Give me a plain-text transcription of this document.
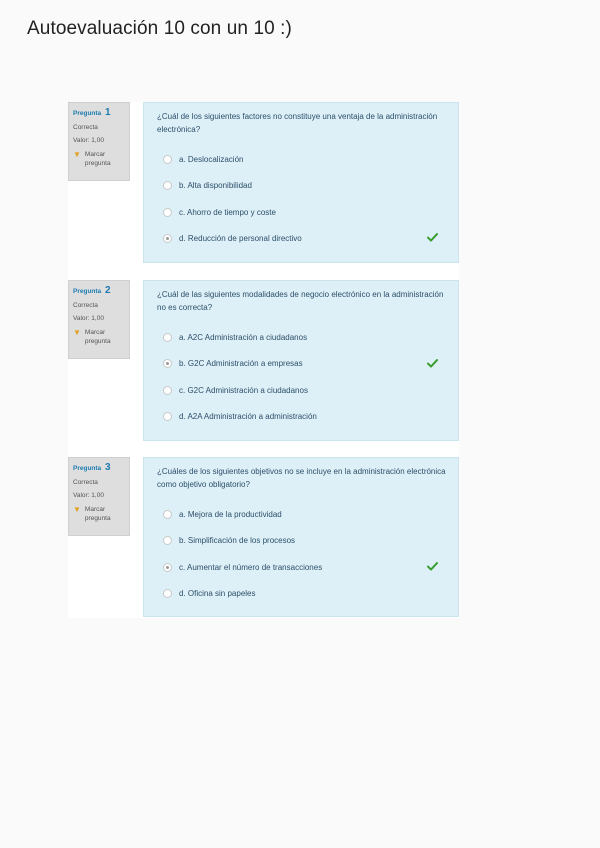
Autoevaluación 10 con un 10 :)
Pregunta 1
Correcta
Valor: 1,00
▼ Marcar pregunta
¿Cuál de los siguientes factores no constituye una ventaja de la administración electrónica?
a. Deslocalización
b. Alta disponibilidad
c. Ahorro de tiempo y coste
d. Reducción de personal directivo
Pregunta 2
Correcta
Valor: 1,00
▼ Marcar pregunta
¿Cuál de las siguientes modalidades de negocio electrónico en la administración no es correcta?
a. A2C Administración a ciudadanos
b. G2C Administración a empresas
c. G2C Administración a ciudadanos
d. A2A Administración a administración
Pregunta 3
Correcta
Valor: 1,00
▼ Marcar pregunta
¿Cuáles de los siguientes objetivos no se incluye en la administración electrónica como objetivo obligatorio?
a. Mejora de la productividad
b. Simplificación de los procesos
c. Aumentar el número de transacciones
d. Oficina sin papeles
